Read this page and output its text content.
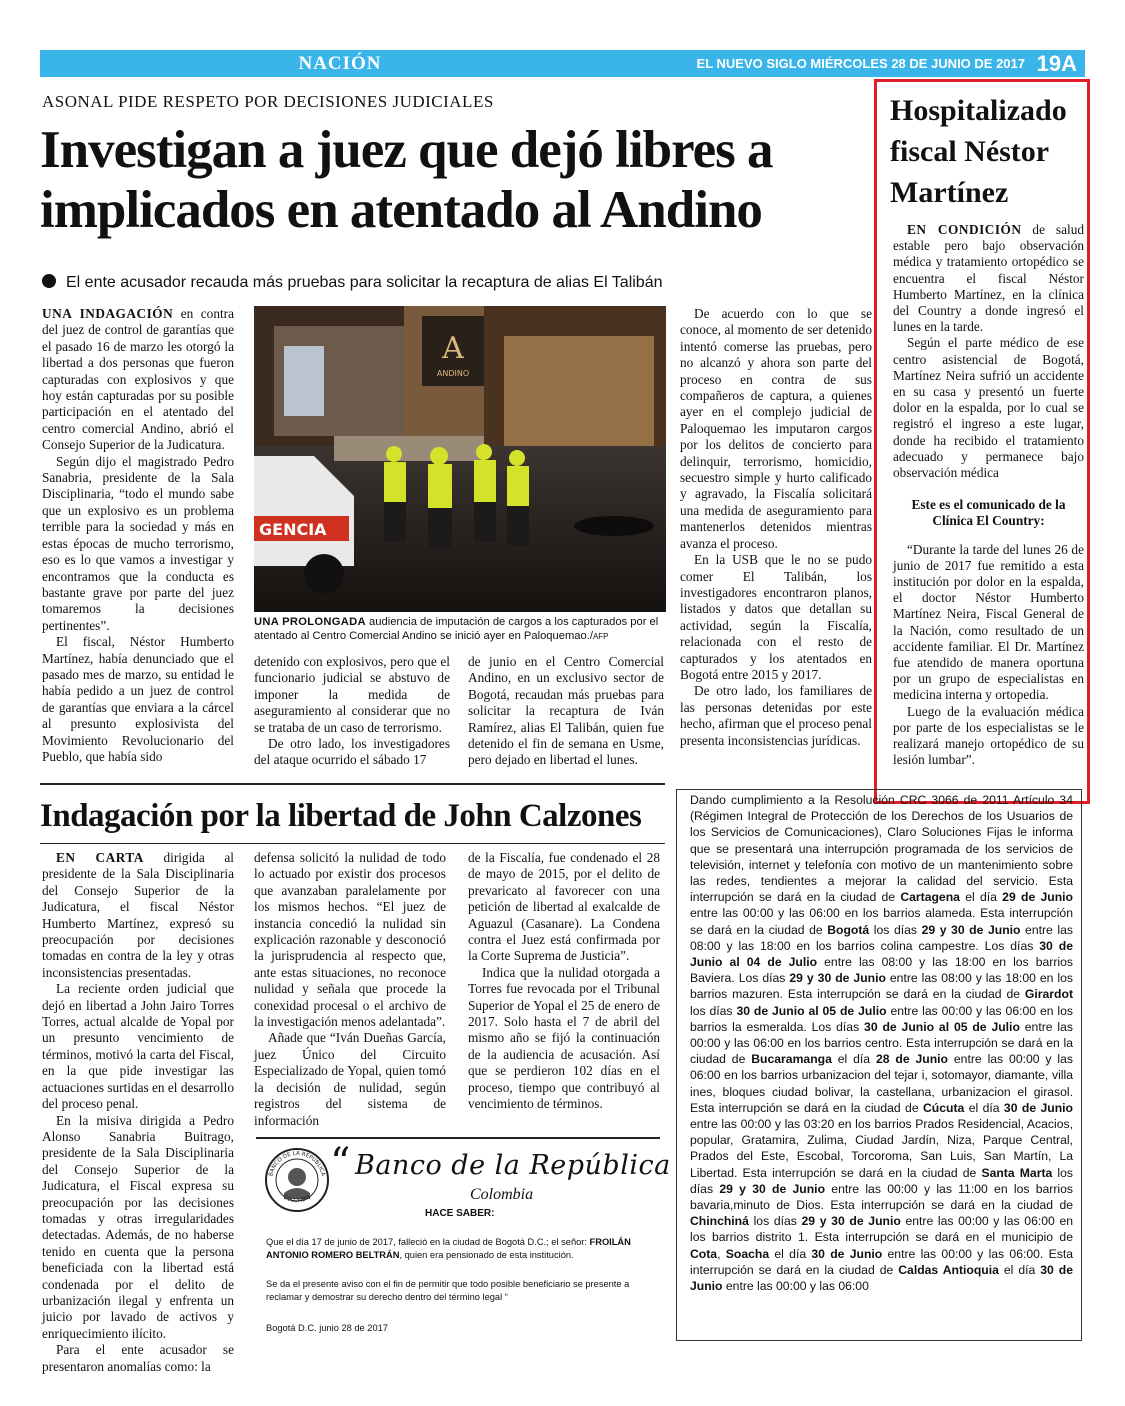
NACIÓN	EL NUEVO SIGLO MIÉRCOLES 28 DE JUNIO DE 2017 19A
ASONAL PIDE RESPETO POR DECISIONES JUDICIALES
Investigan a juez que dejó libres a
implicados en atentado al Andino
El ente acusador recauda más pruebas para solicitar la recaptura de alias El Talibán

UNA INDAGACIÓN en contra del juez de control de garantías que el pasado 16 de marzo les otorgó la libertad a dos personas que fueron capturadas con explosivos y que hoy están capturadas por su posible participación en el atentado del centro comercial Andino, abrió el Consejo Superior de la Judicatura.

Según dijo el magistrado Pedro Sanabria, presidente de la Sala Disciplinaria, “todo el mundo sabe que un explosivo es un problema terrible para la sociedad y más en estas épocas de mucho terrorismo, eso es lo que vamos a investigar y encontramos que la conducta es bastante grave por parte del juez tomaremos la decisiones pertinentes”.

El fiscal, Néstor Humberto Martínez, había denunciado que el pasado mes de marzo, su entidad le había pedido a un juez de control de garantías que enviara a la cárcel al presunto explosivista del Movimiento Revolucionario del Pueblo, que había sido

A
ANDINO
GENCIA
UNA PROLONGADA audiencia de imputación de cargos a los capturados por el atentado al Centro Comercial Andino se inició ayer en Paloquemao./AFP

detenido con explosivos, pero que el funcionario judicial se abstuvo de imponer la medida de aseguramiento al considerar que no se trataba de un caso de terrorismo.

De otro lado, los investigadores del ataque ocurrido el sábado 17

de junio en el Centro Comercial Andino, en un exclusivo sector de Bogotá, recaudan más pruebas para solicitar la recaptura de Iván Ramírez, alias El Talibán, quien fue detenido el fin de semana en Usme, pero dejado en libertad el lunes.

De acuerdo con lo que se conoce, al momento de ser detenido intentó comerse las pruebas, pero no alcanzó y ahora son parte del proceso en contra de sus compañeros de captura, a quienes ayer en el complejo judicial de Paloquemao les imputaron cargos por los delitos de concierto para delinquir, terrorismo, homicidio, secuestro simple y hurto calificado y agravado, la Fiscalía solicitará una medida de aseguramiento para mantenerlos detenidos mientras avanza el proceso.

En la USB que le no se pudo comer El Talibán, los investigadores encontraron planos, listados y datos que detallan su actividad, según la Fiscalía, relacionada con el resto de capturados y los atentados en Bogotá entre 2015 y 2017.

De otro lado, los familiares de las personas detenidas por este hecho, afirman que el proceso penal presenta inconsistencias jurídicas.

Hospitalizado fiscal Néstor Martínez

EN CONDICIÓN de salud estable pero bajo observación médica y tratamiento ortopédico se encuentra el fiscal Néstor Humberto Martínez, en la clínica del Country a donde ingresó el lunes en la tarde.

Según el parte médico de ese centro asistencial de Bogotá, Martínez Neira sufrió un accidente en su casa y presentó un fuerte dolor en la espalda, por lo cual se registró el ingreso a este lugar, donde ha recibido el tratamiento adecuado y permanece bajo observación médica

Este es el comunicado de la Clínica El Country:

“Durante la tarde del lunes 26 de junio de 2017 fue remitido a esta institución por dolor en la espalda, el doctor Néstor Humberto Martínez Neira, Fiscal General de la Nación, como resultado de un accidente familiar. El Dr. Martínez fue atendido de manera oportuna por un grupo de especialistas en medicina interna y ortopedia.

Luego de la evaluación médica por parte de los especialistas se le realizará manejo ortopédico de su lesión lumbar”.

Indagación por la libertad de John Calzones

EN CARTA dirigida al presidente de la Sala Disciplinaria del Consejo Superior de la Judicatura, el fiscal Néstor Humberto Martínez, expresó su preocupación por decisiones tomadas en contra de la ley y otras inconsistencias presentadas.

La reciente orden judicial que dejó en libertad a John Jairo Torres Torres, actual alcalde de Yopal por un presunto vencimiento de términos, motivó la carta del Fiscal, en la que pide investigar las actuaciones surtidas en el desarrollo del proceso penal.

En la misiva dirigida a Pedro Alonso Sanabria Buitrago, presidente de la Sala Disciplinaria del Consejo Superior de la Judicatura, el Fiscal expresa su preocupación por las decisiones tomadas y otras irregularidades detectadas. Además, de no haberse tenido en cuenta que la persona beneficiada con la libertad está condenada por el delito de urbanización ilegal y enfrenta un juicio por lavado de activos y enriquecimiento ilícito.

Para el ente acusador se presentaron anomalías como: la

defensa solicitó la nulidad de todo lo actuado por existir dos procesos que avanzaban paralelamente por los mismos hechos. “El juez de instancia concedió la nulidad sin explicación razonable y desconoció la jurisprudencia al respecto que, ante estas situaciones, no reconoce nulidad y señala que procede la conexidad procesal o el archivo de la investigación menos adelantada”.

Añade que “Iván Dueñas García, juez Único del Circuito Especializado de Yopal, quien tomó la decisión de nulidad, según registros del sistema de información

de la Fiscalía, fue condenado el 28 de mayo de 2015, por el delito de prevaricato al favorecer con una petición de libertad al exalcalde de Aguazul (Casanare). La Condena contra el Juez está confirmada por la Corte Suprema de Justicia”.

Indica que la nulidad otorgada a Torres fue revocada por el Tribunal Superior de Yopal el 25 de enero de 2017. Solo hasta el 7 de abril del mismo año se fijó la continuación de la audiencia de acusación. Así que se perdieron 102 días en el proceso, tiempo que contribuyó al vencimiento de términos.

BANCO DE LA REPUBLICA
COLOMBIA
“ Banco de la República
Colombia
HACE SABER:
Que el día 17 de junio de 2017, falleció en la ciudad de Bogotá D.C.; el señor: FROILÁN ANTONIO ROMERO BELTRÁN, quien era pensionado de esta institución.
Se da el presente aviso con el fin de permitir que todo posible beneficiario se presente a reclamar y demostrar su derecho dentro del término legal “
Bogotá D.C. junio 28 de 2017
Dando cumplimiento a la Resolución CRC 3066 de 2011 Artículo 34 (Régimen Integral de Protección de los Derechos de los Usuarios de los Servicios de Comunicaciones), Claro Soluciones Fijas le informa que se presentará una interrupción programada de los servicios de televisión, internet y telefonía con motivo de un mantenimiento sobre las redes, tendientes a mejorar la calidad del servicio. Esta interrupción se dará en la ciudad de Cartagena el día 29 de Junio entre las 00:00 y las 06:00 en los barrios alameda. Esta interrupción se dará en la ciudad de Bogotá los días 29 y 30 de Junio entre las 08:00 y las 18:00 en los barrios colina campestre. Los días 30 de Junio al 04 de Julio entre las 08:00 y las 18:00 en los barrios Baviera. Los días 29 y 30 de Junio entre las 08:00 y las 18:00 en los barrios mazuren. Esta interrupción se dará en la ciudad de Girardot los días 30 de Junio al 05 de Julio entre las 00:00 y las 06:00 en los barrios la esmeralda. Los días 30 de Junio al 05 de Julio entre las 00:00 y las 06:00 en los barrios centro. Esta interrupción se dará en la ciudad de Bucaramanga el día 28 de Junio entre las 00:00 y las 06:00 en los barrios urbanizacion del tejar i, sotomayor, diamante, villa ines, bloques ciudad bolivar, la castellana, urbanizacion el girasol. Esta interrupción se dará en la ciudad de Cúcuta el día 30 de Junio entre las 00:00 y las 03:20 en los barrios Prados Residencial, Acacios, popular, Gratamira, Zulima, Ciudad Jardín, Niza, Parque Central, Prados del Este, Escobal, Torcoroma, San Luis, San Martín, La Libertad. Esta interrupción se dará en la ciudad de Santa Marta los días 29 y 30 de Junio entre las 00:00 y las 11:00 en los barrios bavaria,minuto de Dios. Esta interrupción se dará en la ciudad de Chinchiná los días 29 y 30 de Junio entre las 00:00 y las 06:00 en los barrios distrito 1. Esta interrupción se dará en el municipio de Cota, Soacha el día 30 de Junio entre las 00:00 y las 06:00. Esta interrupción se dará en la ciudad de Caldas Antioquia el día 30 de Junio entre las 00:00 y las 06:00
